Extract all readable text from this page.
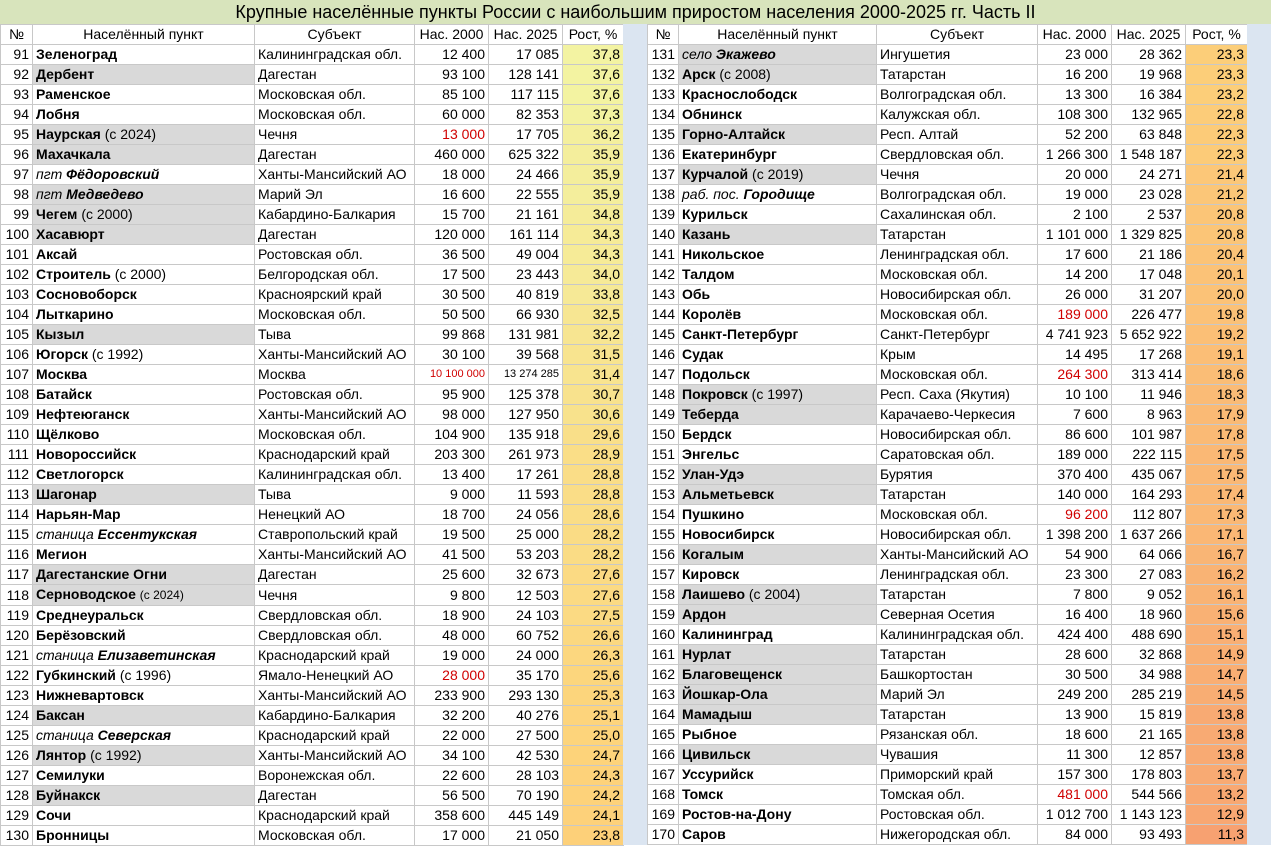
Крупные населённые пункты России с наибольшим приростом населения 2000-2025 гг. Часть II
№	Населённый пункт	Субъект	Нас. 2000	Нас. 2025	Рост, %
91	Зеленоград	Калининградская обл.	12 400	17 085	37,8
92	Дербент	Дагестан	93 100	128 141	37,6
93	Раменское	Московская обл.	85 100	117 115	37,6
94	Лобня	Московская обл.	60 000	82 353	37,3
95	Наурская (с 2024)	Чечня	13 000	17 705	36,2
96	Махачкала	Дагестан	460 000	625 322	35,9
97	пгт Фёдоровский	Ханты-Мансийский АО	18 000	24 466	35,9
98	пгт Медведево	Марий Эл	16 600	22 555	35,9
99	Чегем (с 2000)	Кабардино-Балкария	15 700	21 161	34,8
100	Хасавюрт	Дагестан	120 000	161 114	34,3
101	Аксай	Ростовская обл.	36 500	49 004	34,3
102	Строитель (с 2000)	Белгородская обл.	17 500	23 443	34,0
103	Сосновоборск	Красноярский край	30 500	40 819	33,8
104	Лыткарино	Московская обл.	50 500	66 930	32,5
105	Кызыл	Тыва	99 868	131 981	32,2
106	Югорск (с 1992)	Ханты-Мансийский АО	30 100	39 568	31,5
107	Москва	Москва	10 100 000	13 274 285	31,4
108	Батайск	Ростовская обл.	95 900	125 378	30,7
109	Нефтеюганск	Ханты-Мансийский АО	98 000	127 950	30,6
110	Щёлково	Московская обл.	104 900	135 918	29,6
111	Новороссийск	Краснодарский край	203 300	261 973	28,9
112	Светлогорск	Калининградская обл.	13 400	17 261	28,8
113	Шагонар	Тыва	9 000	11 593	28,8
114	Нарьян-Мар	Ненецкий АО	18 700	24 056	28,6
115	станица Ессентукская	Ставропольский край	19 500	25 000	28,2
116	Мегион	Ханты-Мансийский АО	41 500	53 203	28,2
117	Дагестанские Огни	Дагестан	25 600	32 673	27,6
118	Серноводское (с 2024)	Чечня	9 800	12 503	27,6
119	Среднеуральск	Свердловская обл.	18 900	24 103	27,5
120	Берёзовский	Свердловская обл.	48 000	60 752	26,6
121	станица Елизаветинская	Краснодарский край	19 000	24 000	26,3
122	Губкинский (с 1996)	Ямало-Ненецкий АО	28 000	35 170	25,6
123	Нижневартовск	Ханты-Мансийский АО	233 900	293 130	25,3
124	Баксан	Кабардино-Балкария	32 200	40 276	25,1
125	станица Северская	Краснодарский край	22 000	27 500	25,0
126	Лянтор (с 1992)	Ханты-Мансийский АО	34 100	42 530	24,7
127	Семилуки	Воронежская обл.	22 600	28 103	24,3
128	Буйнакск	Дагестан	56 500	70 190	24,2
129	Сочи	Краснодарский край	358 600	445 149	24,1
130	Бронницы	Московская обл.	17 000	21 050	23,8
№	Населённый пункт	Субъект	Нас. 2000	Нас. 2025	Рост, %
131	село Экажево	Ингушетия	23 000	28 362	23,3
132	Арск (с 2008)	Татарстан	16 200	19 968	23,3
133	Краснослободск	Волгоградская обл.	13 300	16 384	23,2
134	Обнинск	Калужская обл.	108 300	132 965	22,8
135	Горно-Алтайск	Респ. Алтай	52 200	63 848	22,3
136	Екатеринбург	Свердловская обл.	1 266 300	1 548 187	22,3
137	Курчалой (с 2019)	Чечня	20 000	24 271	21,4
138	раб. пос. Городище	Волгоградская обл.	19 000	23 028	21,2
139	Курильск	Сахалинская обл.	2 100	2 537	20,8
140	Казань	Татарстан	1 101 000	1 329 825	20,8
141	Никольское	Ленинградская обл.	17 600	21 186	20,4
142	Талдом	Московская обл.	14 200	17 048	20,1
143	Обь	Новосибирская обл.	26 000	31 207	20,0
144	Королёв	Московская обл.	189 000	226 477	19,8
145	Санкт-Петербург	Санкт-Петербург	4 741 923	5 652 922	19,2
146	Судак	Крым	14 495	17 268	19,1
147	Подольск	Московская обл.	264 300	313 414	18,6
148	Покровск (с 1997)	Респ. Саха (Якутия)	10 100	11 946	18,3
149	Теберда	Карачаево-Черкесия	7 600	8 963	17,9
150	Бердск	Новосибирская обл.	86 600	101 987	17,8
151	Энгельс	Саратовская обл.	189 000	222 115	17,5
152	Улан-Удэ	Бурятия	370 400	435 067	17,5
153	Альметьевск	Татарстан	140 000	164 293	17,4
154	Пушкино	Московская обл.	96 200	112 807	17,3
155	Новосибирск	Новосибирская обл.	1 398 200	1 637 266	17,1
156	Когалым	Ханты-Мансийский АО	54 900	64 066	16,7
157	Кировск	Ленинградская обл.	23 300	27 083	16,2
158	Лаишево (с 2004)	Татарстан	7 800	9 052	16,1
159	Ардон	Северная Осетия	16 400	18 960	15,6
160	Калининград	Калининградская обл.	424 400	488 690	15,1
161	Нурлат	Татарстан	28 600	32 868	14,9
162	Благовещенск	Башкортостан	30 500	34 988	14,7
163	Йошкар-Ола	Марий Эл	249 200	285 219	14,5
164	Мамадыш	Татарстан	13 900	15 819	13,8
165	Рыбное	Рязанская обл.	18 600	21 165	13,8
166	Цивильск	Чувашия	11 300	12 857	13,8
167	Уссурийск	Приморский край	157 300	178 803	13,7
168	Томск	Томская обл.	481 000	544 566	13,2
169	Ростов-на-Дону	Ростовская обл.	1 012 700	1 143 123	12,9
170	Саров	Нижегородская обл.	84 000	93 493	11,3
